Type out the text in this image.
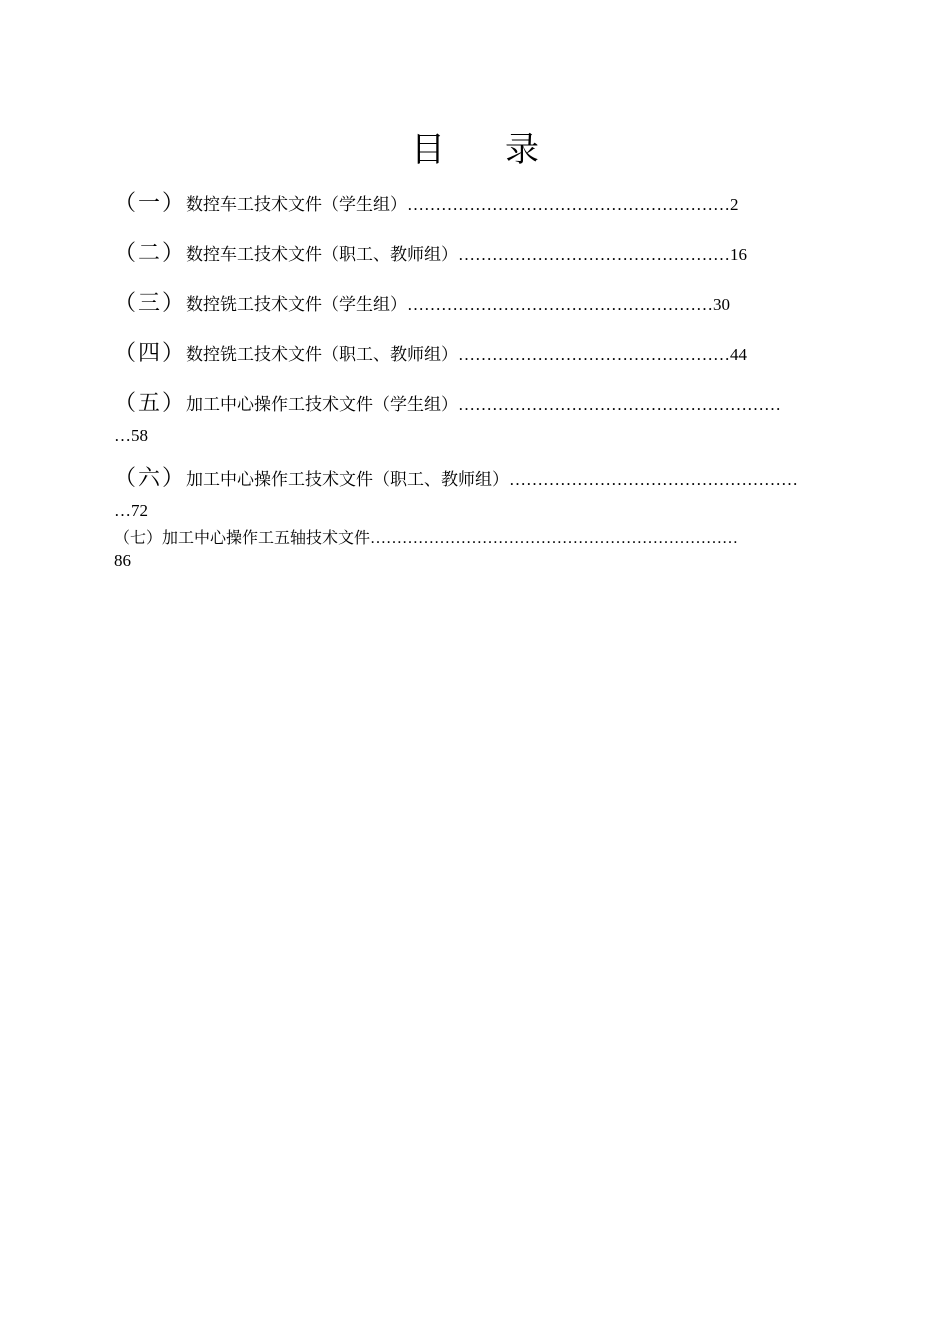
目 录
（一）数控车工技术文件（学生组）…………………………………………………2
（二）数控车工技术文件（职工、教师组）…………………………………………16
（三）数控铣工技术文件（学生组）………………………………………………30
（四）数控铣工技术文件（职工、教师组）…………………………………………44
（五）加工中心操作工技术文件（学生组）…………………………………………………
…58
（六）加工中心操作工技术文件（职工、教师组）……………………………………………
…72
（七）加工中心操作工五轴技术文件……………………………………………………………
86
